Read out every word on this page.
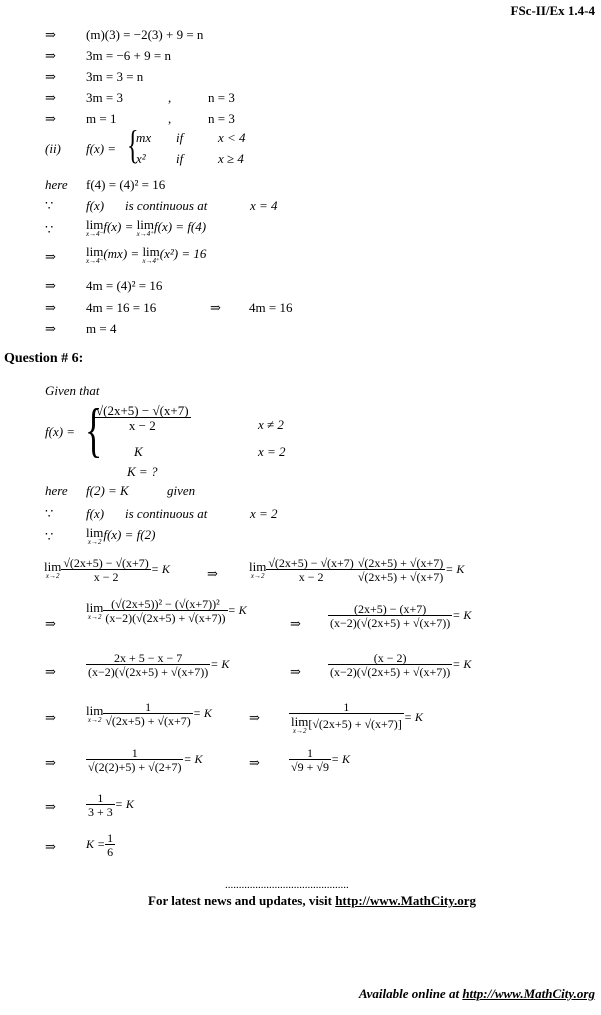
FSc-II/Ex 1.4-4
⇒ (m)(3) = −2(3) + 9 = n
⇒ 3m = −6 + 9 = n
⇒ 3m = 3 = n
⇒ 3m = 3	,	n = 3
⇒ m = 1	,	n = 3
(ii) f(x) = {
mx if	x < 4
x² if	x ≥ 4
here f(4) = (4)² = 16
∵	f(x) is continuous at	x = 4
∵	lim
x→4⁻
f(x) = lim
x→4⁺
f(x) = f(4)
⇒ lim
x→4⁻
(mx) = lim
x→4⁺
(x²) = 16
⇒ 4m = (4)² = 16
⇒ 4m = 16 = 16	⇒ 4m = 16
⇒ m = 4
Question # 6:
Given that
f(x) = {
$\frac{√(2x+5) - √(x+7)}{x - 2}$	x ≠ 2
K	x = 2
K = ?
here f(2) = K	given
∵	f(x) is continuous at	x = 2
∵	lim
x→2
f(x) = f(2)
lim
$x\to 2 \frac{√(2x+5) - √(x+7)}{x - 2} = K$	⇒ lim
$x\to 2 \frac{√(2x+5) - √(x+7)}{x - 2} \frac{√(2x+5) + √(x+7)}{√(2x+5) + √(x+7)} = K$
⇒
lim
$x\to 2 \frac{\text{(√(2x+5))² − (√(x+7))²}}{(x-2)(√(2x+5) + √(x+7))} = K$
⇒ $\frac{(2x+5) - (x+7)}{(x-2)(√(2x+5) + √(x+7))} = K$
⇒	$\frac{2x + 5 - x - 7}{(x-2)(√(2x+5) + √(x+7))} = K$
⇒ $\frac{(x - 2)}{(x-2)(√(2x+5) + √(x+7))} = K$
⇒ lim
$x\to 2 \frac{1}{√(2x+5) + √(x+7)} = K$	⇒ 1
lim
x→2
[√(2x+5) + √(x+7)] = K
⇒	$\frac{1}{√(2(2)+5) + √(2+7)} = K$	⇒ $\frac{1}{√9 + √9} = K$
⇒	$\frac{1}{3 + 3} = K$
⇒	$K = \frac{1}{6}$
.............................................
For latest news and updates, visit http://www.MathCity.org
Available online at http://www.MathCity.org
